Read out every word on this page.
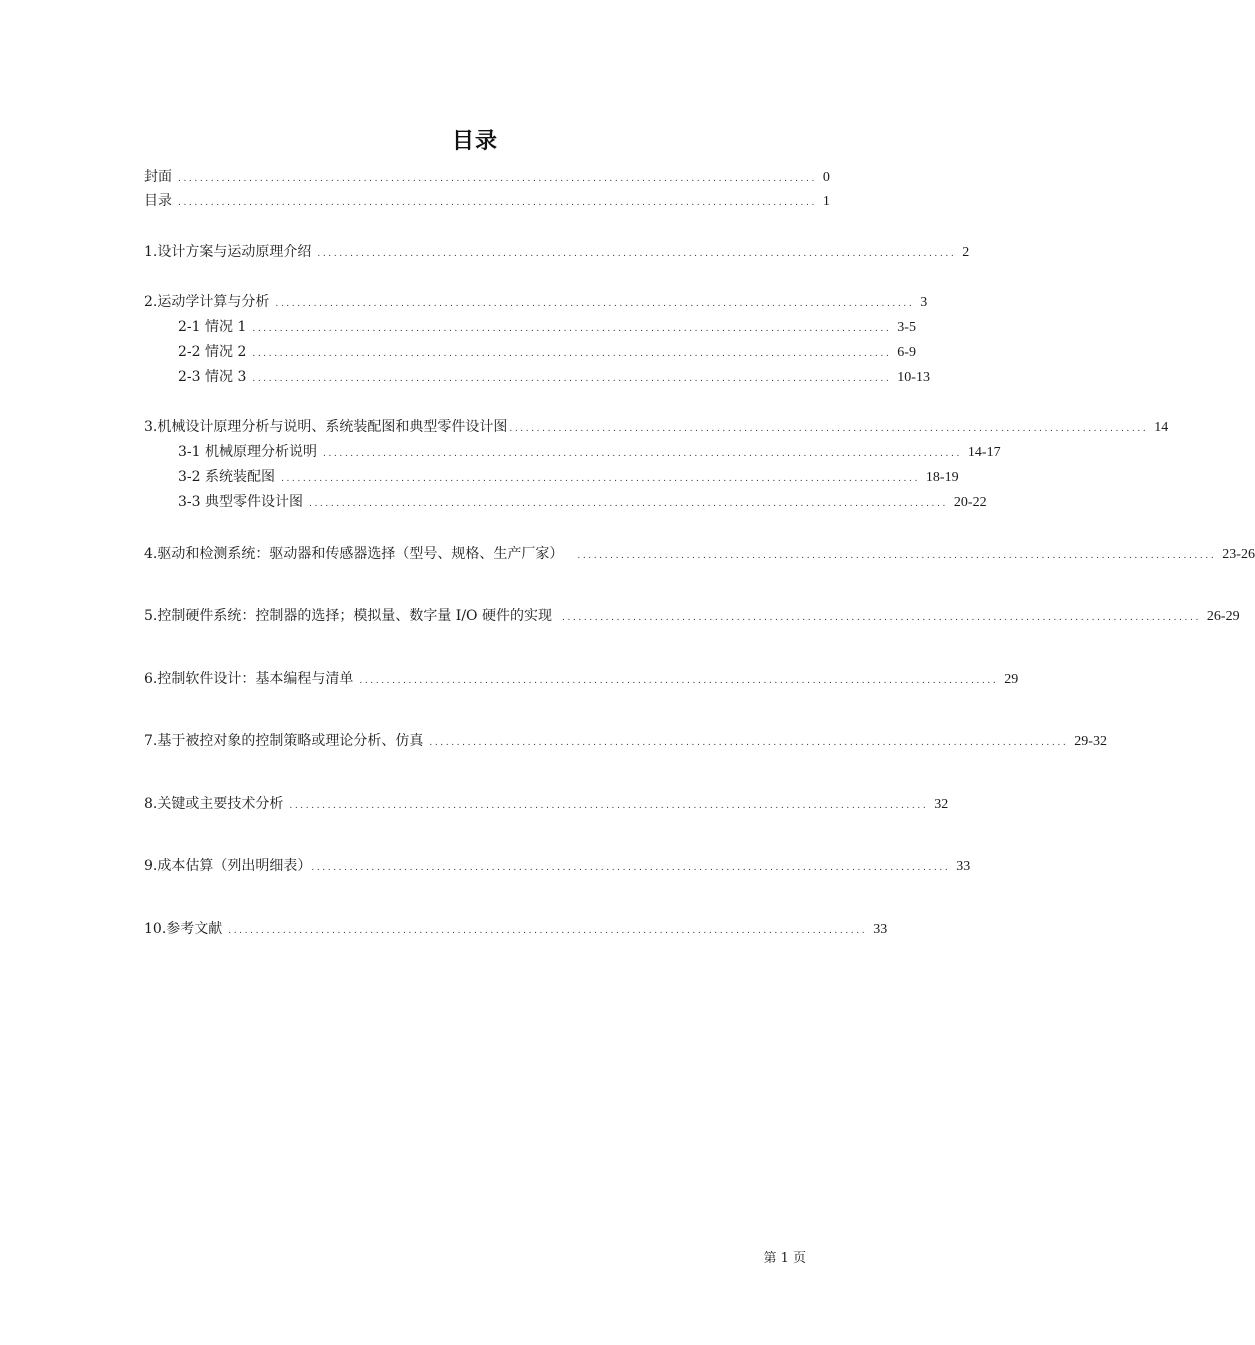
目录
封面 ..................................................................................................................... 0
目录 ..................................................................................................................... 1
1.设计方案与运动原理介绍 ..................................................................................................................... 2
2.运动学计算与分析 ..................................................................................................................... 3
2-1 情况 1 ..................................................................................................................... 3-5
2-2 情况 2 ..................................................................................................................... 6-9
2-3 情况 3 ..................................................................................................................... 10-13
3.机械设计原理分析与说明、系统装配图和典型零件设计图 ..................................................................................................................... 14
3-1 机械原理分析说明 ..................................................................................................................... 14-17
3-2 系统装配图 ..................................................................................................................... 18-19
3-3 典型零件设计图 ..................................................................................................................... 20-22
4.驱动和检测系统：驱动器和传感器选择（型号、规格、生产厂家） ..................................................................................................................... 23-26
5.控制硬件系统：控制器的选择；模拟量、数字量 I/O 硬件的实现 ..................................................................................................................... 26-29
6.控制软件设计：基本编程与清单 ..................................................................................................................... 29
7.基于被控对象的控制策略或理论分析、仿真 ..................................................................................................................... 29-32
8.关键或主要技术分析 ..................................................................................................................... 32
9.成本估算（列出明细表） ..................................................................................................................... 33
10.参考文献 ..................................................................................................................... 33
第 1 页
